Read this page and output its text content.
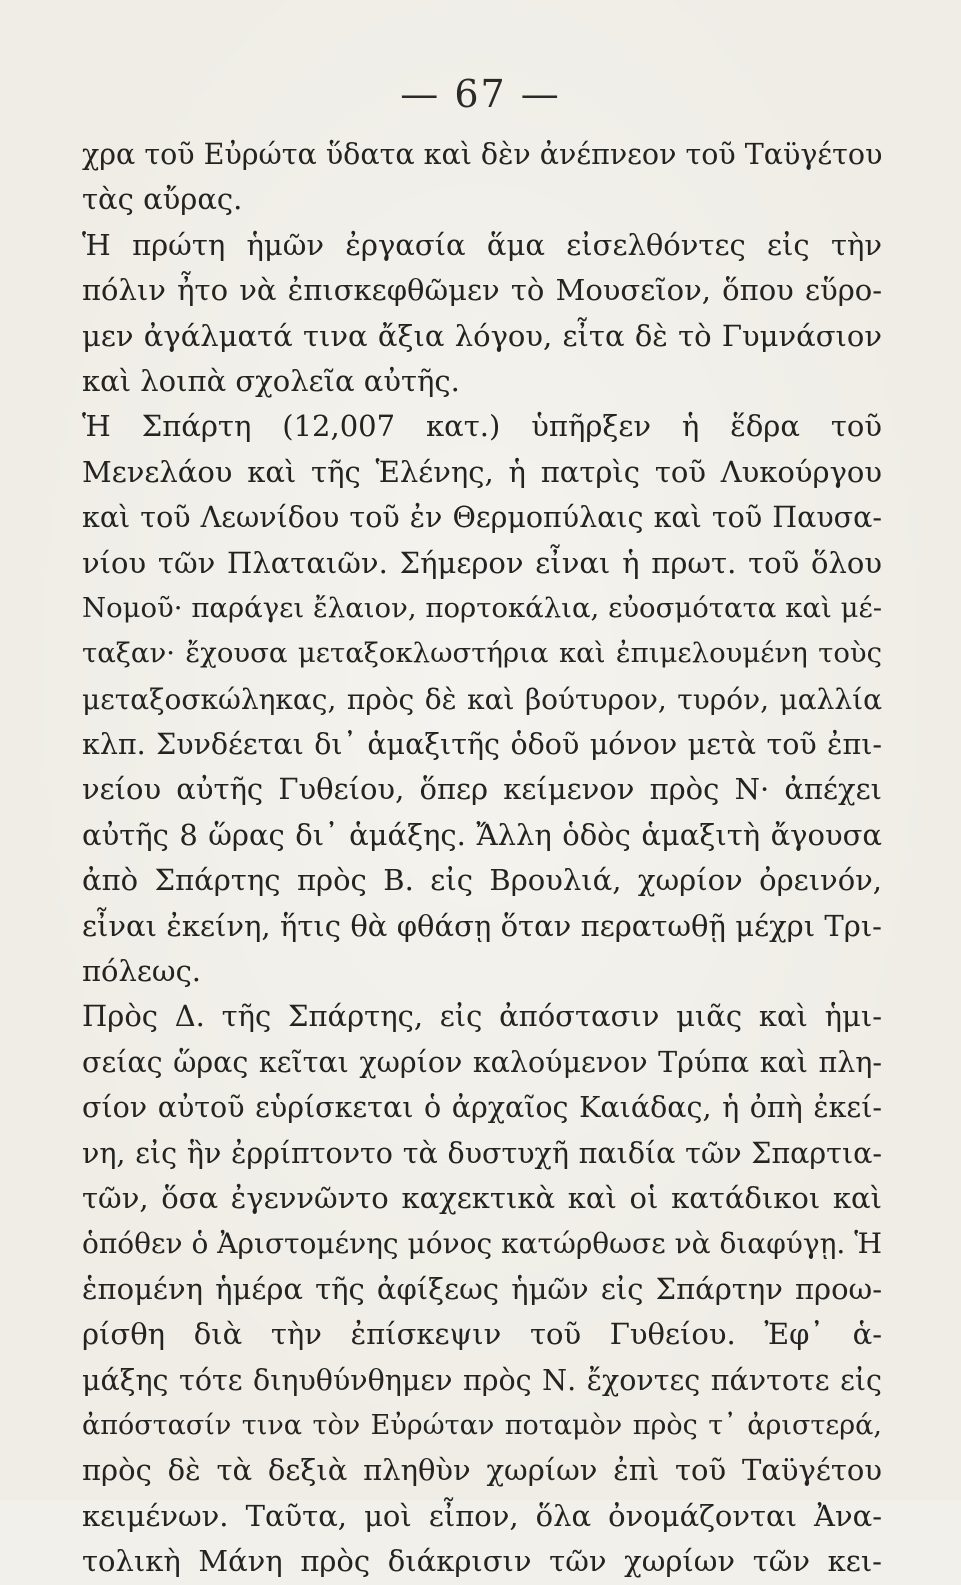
— 67 —
χρα τοῦ Εὐρώτα ὕδατα καὶ δὲν ἀνέπνεον τοῦ Ταϋγέτου
τὰς αὔρας.
Ἡ πρώτη ἡμῶν ἐργασία ἅμα εἰσελθόντες εἰς τὴν
πόλιν ἦτο νὰ ἐπισκεφθῶμεν τὸ Μουσεῖον, ὅπου εὕρο-
μεν ἀγάλματά τινα ἄξια λόγου, εἶτα δὲ τὸ Γυμνάσιον
καὶ λοιπὰ σχολεῖα αὐτῆς.
Ἡ Σπάρτη (12,007 κατ.) ὑπῆρξεν ἡ ἕδρα τοῦ
Μενελάου καὶ τῆς Ἑλένης, ἡ πατρὶς τοῦ Λυκούργου
καὶ τοῦ Λεωνίδου τοῦ ἐν Θερμοπύλαις καὶ τοῦ Παυσα-
νίου τῶν Πλαταιῶν. Σήμερον εἶναι ἡ πρωτ. τοῦ ὅλου
Νομοῦ· παράγει ἔλαιον, πορτοκάλια, εὐοσμότατα καὶ μέ-
ταξαν· ἔχουσα μεταξοκλωστήρια καὶ ἐπιμελουμένη τοὺς
μεταξοσκώληκας, πρὸς δὲ καὶ βούτυρον, τυρόν, μαλλία
κλπ. Συνδέεται δι᾿ ἁμαξιτῆς ὁδοῦ μόνον μετὰ τοῦ ἐπι-
νείου αὐτῆς Γυθείου, ὅπερ κείμενον πρὸς Ν· ἀπέχει
αὐτῆς 8 ὥρας δι᾿ ἁμάξης. Ἄλλη ὁδὸς ἁμαξιτὴ ἄγουσα
ἀπὸ Σπάρτης πρὸς Β. εἰς Βρουλιά, χωρίον ὀρεινόν,
εἶναι ἐκείνη, ἥτις θὰ φθάσῃ ὅταν περατωθῇ μέχρι Τρι-
πόλεως.
Πρὸς Δ. τῆς Σπάρτης, εἰς ἀπόστασιν μιᾶς καὶ ἡμι-
σείας ὥρας κεῖται χωρίον καλούμενον Τρύπα καὶ πλη-
σίον αὐτοῦ εὑρίσκεται ὁ ἀρχαῖος Καιάδας, ἡ ὀπὴ ἐκεί-
νη, εἰς ἣν ἐρρίπτοντο τὰ δυστυχῆ παιδία τῶν Σπαρτια-
τῶν, ὅσα ἐγεννῶντο καχεκτικὰ καὶ οἱ κατάδικοι καὶ
ὁπόθεν ὁ Ἀριστομένης μόνος κατώρθωσε νὰ διαφύγῃ. Ἡ
ἑπομένη ἡμέρα τῆς ἀφίξεως ἡμῶν εἰς Σπάρτην προω-
ρίσθη διὰ τὴν ἐπίσκεψιν τοῦ Γυθείου. Ἐφ᾿ ἁ-
μάξης τότε διηυθύνθημεν πρὸς Ν. ἔχοντες πάντοτε εἰς
ἀπόστασίν τινα τὸν Εὐρώταν ποταμὸν πρὸς τ᾿ ἀριστερά,
πρὸς δὲ τὰ δεξιὰ πληθὺν χωρίων ἐπὶ τοῦ Ταϋγέτου
κειμένων. Ταῦτα, μοὶ εἶπον, ὅλα ὀνομάζονται Ἀνα-
τολικὴ Μάνη πρὸς διάκρισιν τῶν χωρίων τῶν κει-
